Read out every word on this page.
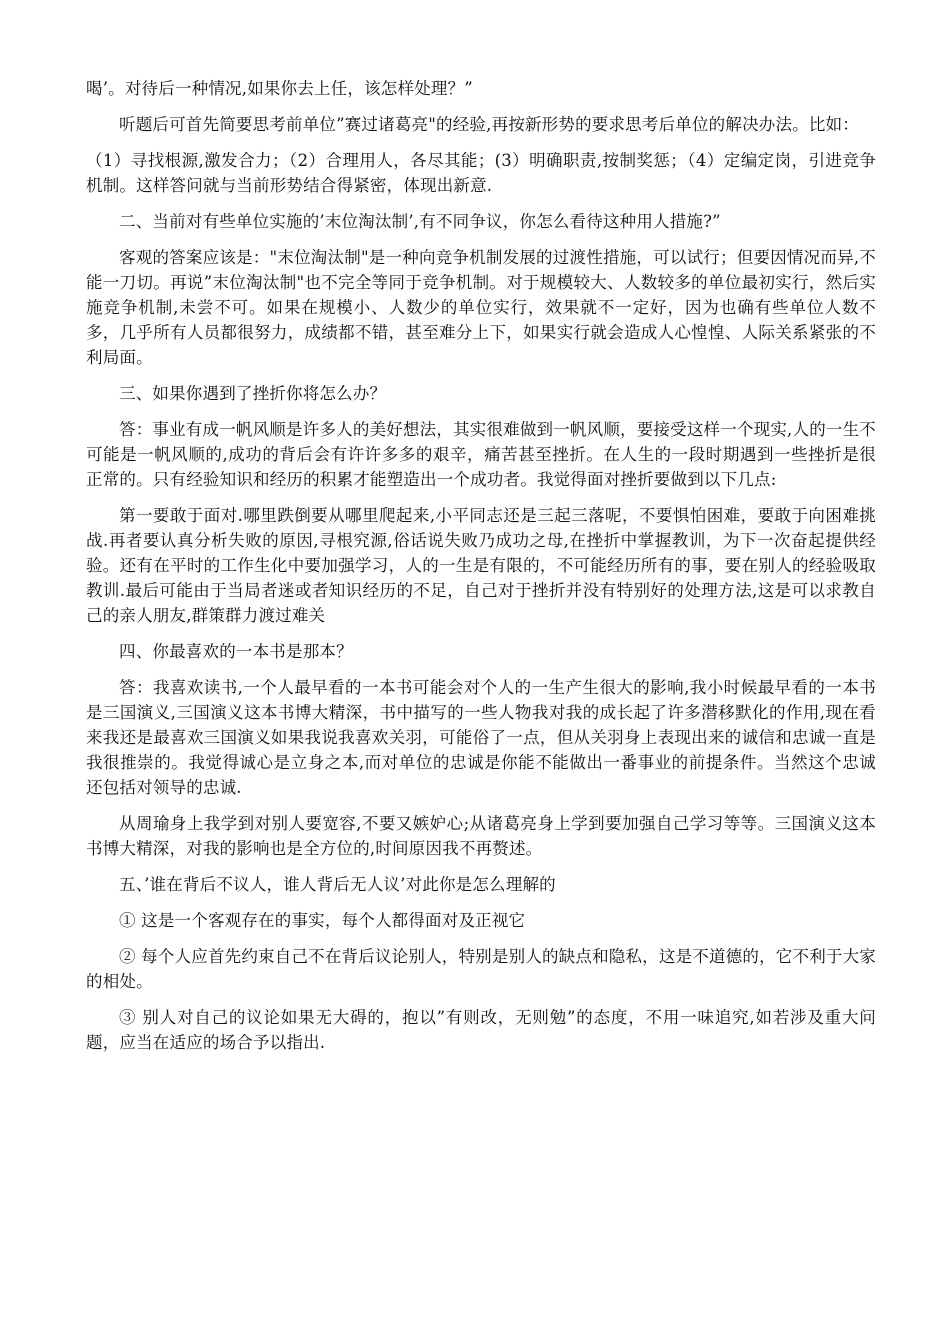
喝’。对待后一种情况,如果你去上任，该怎样处理？”

听题后可首先简要思考前单位”赛过诸葛亮"的经验,再按新形势的要求思考后单位的解决办法。比如：

（1）寻找根源,激发合力；（2）合理用人，各尽其能；(3）明确职责,按制奖惩；（4）定编定岗，引进竞争机制。这样答问就与当前形势结合得紧密，体现出新意.

二、当前对有些单位实施的’末位淘汰制’,有不同争议，你怎么看待这种用人措施?”

客观的答案应该是："末位淘汰制"是一种向竞争机制发展的过渡性措施，可以试行；但要因情况而异,不能一刀切。再说”末位淘汰制"也不完全等同于竞争机制。对于规模较大、人数较多的单位最初实行，然后实施竞争机制,未尝不可。如果在规模小、人数少的单位实行，效果就不一定好，因为也确有些单位人数不多，几乎所有人员都很努力，成绩都不错，甚至难分上下，如果实行就会造成人心惶惶、人际关系紧张的不利局面。

三、如果你遇到了挫折你将怎么办？

答：事业有成一帆风顺是许多人的美好想法，其实很难做到一帆风顺，要接受这样一个现实,人的一生不可能是一帆风顺的,成功的背后会有许许多多的艰辛，痛苦甚至挫折。在人生的一段时期遇到一些挫折是很正常的。只有经验知识和经历的积累才能塑造出一个成功者。我觉得面对挫折要做到以下几点:

第一要敢于面对.哪里跌倒要从哪里爬起来,小平同志还是三起三落呢，不要惧怕困难，要敢于向困难挑战.再者要认真分析失败的原因,寻根究源,俗话说失败乃成功之母,在挫折中掌握教训，为下一次奋起提供经验。还有在平时的工作生化中要加强学习，人的一生是有限的，不可能经历所有的事，要在别人的经验吸取教训.最后可能由于当局者迷或者知识经历的不足，自己对于挫折并没有特别好的处理方法,这是可以求教自己的亲人朋友,群策群力渡过难关

四、你最喜欢的一本书是那本？

答：我喜欢读书,一个人最早看的一本书可能会对个人的一生产生很大的影响,我小时候最早看的一本书是三国演义,三国演义这本书博大精深，书中描写的一些人物我对我的成长起了许多潜移默化的作用,现在看来我还是最喜欢三国演义如果我说我喜欢关羽，可能俗了一点，但从关羽身上表现出来的诚信和忠诚一直是我很推崇的。我觉得诚心是立身之本,而对单位的忠诚是你能不能做出一番事业的前提条件。当然这个忠诚还包括对领导的忠诚.

从周瑜身上我学到对别人要宽容,不要又嫉妒心;从诸葛亮身上学到要加强自己学习等等。三国演义这本书博大精深，对我的影响也是全方位的,时间原因我不再赘述。

五、’谁在背后不议人，谁人背后无人议’对此你是怎么理解的

① 这是一个客观存在的事实，每个人都得面对及正视它

② 每个人应首先约束自己不在背后议论别人，特别是别人的缺点和隐私，这是不道德的，它不利于大家的相处。

③ 别人对自己的议论如果无大碍的，抱以”有则改，无则勉”的态度，不用一味追究,如若涉及重大问题，应当在适应的场合予以指出.
